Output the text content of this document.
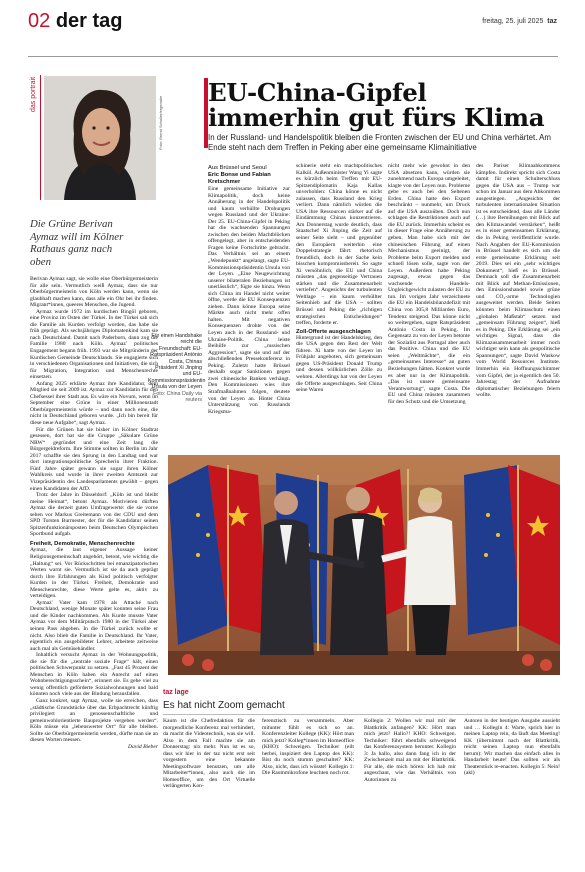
02 der tag	freitag, 25. juli 2025 taz
das portrait
Foto: Bernd Schuller/ergenuke
Die Grüne Berivan
Aymaz will im Kölner
Rathaus ganz nach
oben

Berivan Aymaz sagt, sie wolle eine Oberbürgermeisterin für alle sein. Vermutlich weiß Aymaz, dass sie nur Oberbürgermeisterin von Köln werden kann, wenn sie glaubhaft machen kann, dass alle ein Ohr bei ihr finden. Migrant*innen, queeres Menschen, die Jugend.

Aymaz wurde 1972 im kurdischen Bingöl geboren, eine Provinz im Osten der Türkei. In der Türkei sah sich die Familie als Kurden verfolgt worden, das habe sie früh geprägt. Als sechsjähriges Diplomatenkind kam sie nach Deutschland. Damit nach Paderborn, dann zog die Familie 1980 nach Köln. Aymaz' politisches Engagement begann früh. 1993 war sie Mitgründerin der Kurdischen Gemeinde Deutschlands. Sie engagierte sich in verschiedenen Organisationen und Initiativen, die sich für Migration, Integration und Menschenrechte einsetzen.

Anfang 2025 erklärte Aymaz ihre Kandidatur, dem Mitglied sie seit 2009 ist. Aymaz zur Kandidatin für den Chefsessel ihrer Stadt aus. Es wäre ein Novum, wenn im September eine Grüne in einer Millionenstadt Oberbürgermeisterin würde – und dann noch eine, die nicht in Deutschland geboren wurde. „Ich bin bereit für diese neue Aufgabe“, sagt Aymaz.

Für die Grünen hat sie bisher im Kölner Stadtrat gesessen, dort hat sie die Gruppe „Säkulare Grüne NRW“ gegründet und eine Zeit lang die Bürgergeldreform. Ihre Stimme sollten in Berlin im Jahr 2017 schaffte sie den Sprung in den Landtag und war dort integrationspolitische Sprecherin ihrer Fraktion. Fünf Jahre später gewann sie sogar ihren Kölner Wahlkreis und wurde in ihrer zweiten Amtszeit zur Vizepräsidentin des Landesparlaments gewählt – gegen einen Kandidaten der AfD.

Trotz der Jahre in Düsseldorf: „Köln ist und bleibt meine Heimat“, betont Aymaz. Motivieren dürften Aymaz die derzeit guten Umfragewerte: die sie vorne sehen vor Markus Greitemann von der CDU und dem SPD Torsten Burmester, der für die Kandidatur seinen Spitzenfunktionärsposten beim Deutschen Olympischen Sportbund aufgab.

Freiheit, Demokratie, Menschenrechte

Aymaz, die laut eigener Aussage keiner Religionsgemeinschaft angehört, betont, wie wichtig die „Haltung“ sei. Vor Rückschritten bei emanzipatorischen Werten warnt sie. Vermutlich ist sie da auch geprägt durch ihre Erfahrungen als Kind politisch verfolgter Kurden in der Türkei. Freiheit, Demokratie und Menschenrechte, diese Werte gelte es, aktiv zu verteidigen.

Aymaz' Vater kam 1978 als Attaché nach Deutschland, wenige Monate später konnten seine Frau und die Kinder nachkommen. Als Kurde musste Vater Aymaz vor dem Militärputsch 1980 in der Türkei aber seinen Pass abgeben. In die Türkei zurück wollte er nicht. Also blieb die Familie in Deutschland. Ihr Vater, eigentlich ein ausgebildeter Lehrer, arbeitete zeitweise auch mal als Gemüsehändler.

Inhaltlich versucht Aymaz in der Wohnungspolitik, die sie für die „zentrale soziale Frage“ hält, einen politischen Schwerpunkt zu setzen. „Fast 45 Prozent der Menschen in Köln haben ein Anrecht auf einen Wohnberechtigungsschein“, erinnert sie. Es gehe viel zu wenig offentlich geförderte Sozialwohnungen und bald könnten noch viele aus der Bindung herausfallen.

Ganz konkret, sagt Aymaz, wolle sie erreichen, dass „städtische Grundstücke über das Erbpachtrecht künftig privilegiert an genossenschaftliche und gemeinwohlorientierte Bauprojekte vergeben werden“. Köln müsse ein „lebenswerter Ort“ für alle bleiben. Sollte sie Oberbürgermeisterin werden, dürfte man sie an diesen Worten messen.

David Bieber
EU-China-Gipfel
immerhin gut fürs Klima
In der Russland- und Handelspolitik bleiben die Fronten zwischen der EU und China verhärtet. Am Ende steht nach dem Treffen in Peking aber eine gemeinsame Klimainitiative
Aus Brüssel und Seoul
Eric Bonse und Fabian Kretschmer
Eine gemeinsame Initiative zur Klimapolitik, doch keine Annäherung in der Handelspolitik und kaum verhüllte Drohungen wegen Russland und der Ukraine: Der 25. EU-China-Gipfel in Peking hat die wachsenden Spannungen zwischen den beiden Machtblöcken offengelegt, aber in entscheidenden Fragen keine Fortschritte gebracht. Das Verhältnis sei an einem „Wendepunkt“ angelangt, sagte EU-Kommissionspräsidentin Ursula von der Leyen. „Eine Neugewichtung unserer bilateralen Beziehungen ist unerlässlich“, fügte sie hinzu. Wenn sich China im Handel nicht weiter öffne, werde die EU Konsequenzen ziehen. Dann könne Europa seine Märkte auch nicht mehr offen halten. Mit negativen Konsequenzen drohte von der Leyen auch in der Russland- und Ukraine-Politik. China leiste Beihilfe zur „russischen Aggression“, sagte sie und auf der abschließenden Pressekonferenz in Peking. Zuletzt hatte Brüssel deshalb sogar Sanktionen gegen zwei chinesische Banken verhängt. Den Kommissionen wies ihre Strafmaßnahmen folgen, deutete von der Leyen an. Hinter China Unterstützung von Russlands Kriegsma-
schinerie steht ein machtpolitisches Kalkül. Außenminister Wang Yi sagte es kürzlich beim Treffen mit EU-Spitzendiplomatin Kaja Kallas unverhohlen: China könne es nicht zulassen, dass Russland den Krieg verliert. Dann nämlich würden die USA ihre Ressourcen stärker auf die Eindämmung Chinas konzentrieren. Am Donnerstag wurde deutlich, dass Staatschef Xi Jinping die Zeit auf seiner Seite sieht – und gegenüber den Europäern weiterhin eine Doppelstrategie fährt: rhetorisch freundlich, doch in der Sache kein bisschen kompromissbereit. So sagte Xi versöhnlich, die EU und China müssten „das gegenseitige Vertrauen stärken und die Zusammenarbeit vertiefen“. Angesichts der turbulenten Weltlage – ein kaum verhüllter Seitenhieb auf die USA – sollten Brüssel und Peking die „richtigen strategischen Entscheidungen“ treffen, forderte er.
Zoll-Offerte ausgeschlagen
Hintergrund ist der Handelskrieg, den die USA gegen den Rest der Welt führen. Xi hatte von der Leyen im Frühjahr angeboten, sich gemeinsam gegen US-Präsident Donald Trump und dessen willkürlichen Zölle zu wehren. Allerdings hat von der Leyen die Offerte ausgeschlagen. Seit China seine Waren
nicht mehr wie gewohnt in den USA absetzen kann, würden sie zunehmend nach Europa umgeleitet, klagte von der Leyen nun. Probleme gebe es auch bei den Seltenen Erden. China hatte den Export beschränkt – nunmehr, um Druck auf die USA auszuüben. Doch nun schlagen die Restriktionen auch auf die EU zurück. Immerhin scheint es in dieser Frage eine Annäherung zu geben. Man habe sich mit der chinesischen Führung auf einen Mechanismus geeinigt, der Probleme beim Export melden und schnell lösen solle, sagte von der Leyen. Außerdem habe Peking zugesagt, etwas gegen das wachsende Handels-Ungleichgewicht zulasten der EU zu tun. Im vorigen Jahr verzeichnete die EU ein Handelsbilanzdefizit mit China von 305,8 Milliarden Euro, Tendenz steigend. Das könne nicht so weitergehen, sagte Ratspräsident António Costa in Peking. Im Gegensatz zu von der Leyen betonte der Sozialist aus Portugal aber auch das Positive. China und die EU seien „Weltmächte“, die ein „gemeinsames Interesse“ an guten Beziehungen hätten. Konkret wurde es aber nur in der Klimapolitik. „Das ist unsere gemeinsame Verantwortung“, sagte Costa. Die EU und China müssten zusammen für den Schutz und die Umsetzung
des Pariser Klimaabkommens kämpfen. Indirekt spricht sich Costa damit für einen Schulterschluss gegen die USA aus – Trump war schon im Januar aus dem Abkommen ausgestiegen. „Angesichts der turbulenten internationalen Situation ist es entscheidend, dass alle Länder (…) ihre Bemühungen mit Blick auf den Klimawandel verstärken“, heißt es in einer gemeinsamen Erklärung, die in Peking veröffentlicht wurde. Nach Angaben der EU-Kommission in Brüssel handelt es sich um die erste gemeinsame Erklärung seit 2019. Dies sei ein „sehr wichtiges Dokument“, hieß es in Brüssel. Demnach soll die Zusammenarbeit mit Blick auf Methan-Emissionen, den Emissionshandel sowie grüne und CO₂-arme Technologien ausgeweitet werden. Beide Seiten könnten beim Klimaschutz einen „globalen Maßstab“ setzen und „gemeinsam Führung zeigen“, hieß es in Peking. Die Erklärung sei „ein wichtiges Signal, dass die Klimazusammenarbeit immer noch wichtiger sein kann als geopolitische Spannungen“, sagte David Waskow vom World Resources Institute. Immerhin ein Hoffnungsschimmer vom Gipfel, der ja eigentlich den 50. Jahrestag der Aufnahme diplomatischer Beziehungen feiern wollte.
Für einen Handshake reicht die Freundschaft: EU-Ratspräsident António Costa, Chinas Präsident Xi Jinping und EU-Kommissionspräsidentin Ursula von der Leyen
Foto: China Daily via reuters
taz lage
Es hat nicht Zoom gemacht
Kaum ist die Chefredaktion für die morgendliche Konferenz mal verhindert, da macht die Videotechnik, was sie will. Also in dem Fall machte sie am Donnerstag: nix mehr. Nun ist es so, dass wir hier in der taz nicht erst seit vorgestern eine bekannte Meetingsoftware benutzen, um alle Mitarbeiter*innen, also auch die im Homeoffice, um den Ort Virtuelle verlängerten Kon-
ferenztisch zu versammeln. Aber mitunter fühlt es sich so an. Konferenzleiter Kollege (KK): Hört man mich jetzt? Kolleg*innen im Homeoffice (KHO): Schweigen. Techniker (eilt herbei, inspiziert den Laptop des KK): Bist du noch stumm geschaltet? KK: Also, nicht, dass ich wüsste! Kollegin 1: Die Raummikrofone leuchten noch rot.
Kollegin 2: Wollen wir mal mit der Blattkritik anfangen? KK: Hört man mich jetzt? Hallo?! KHO: Schweigen. Techniker: führt ebenfalls schweigend das Konferenzsystem herunter. Kollegin 3: Ja hallo, also dann fang ich in der Zwischenzeit mal an mit der Blattkritik. Für alle, die mich hören: Ich hab mir angeschaut, wie das Verhältnis von Autorinnen zu
Autoren in der heutigen Ausgabe aussieht und … Kollegin 4: Warte, sprich hier in meinen Laptop rein, da läuft das Meeting! KK (übernimmt nach der Blattkritik, reicht seinen Laptop nun ebenfalls herum): Wir machen das einfach alles in Handarbeit heute! Das sollten wir als Theaterstück re-enacten. Kollegin 5: Nein! (akl)
